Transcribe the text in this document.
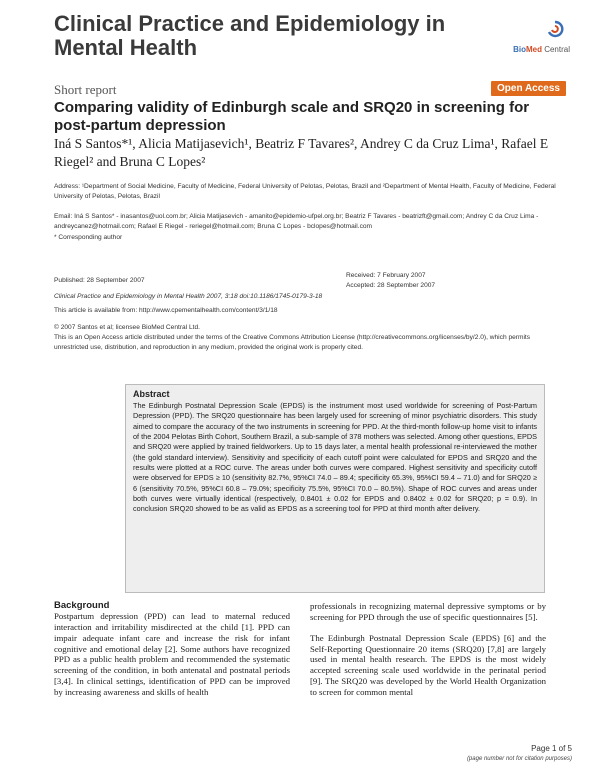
Clinical Practice and Epidemiology in Mental Health	BioMed Central
Short report	Open Access
Comparing validity of Edinburgh scale and SRQ20 in screening for post-partum depression
Iná S Santos*¹, Alicia Matijasevich¹, Beatriz F Tavares², Andrey C da Cruz Lima¹, Rafael E Riegel² and Bruna C Lopes²
Address: ¹Department of Social Medicine, Faculty of Medicine, Federal University of Pelotas, Pelotas, Brazil and ²Department of Mental Health, Faculty of Medicine, Federal University of Pelotas, Pelotas, Brazil
Email: Iná S Santos* - inasantos@uol.com.br; Alicia Matijasevich - amanito@epidemio-ufpel.org.br; Beatriz F Tavares - beatrizft@gmail.com; Andrey C da Cruz Lima - andreycanez@hotmail.com; Rafael E Riegel - reriegel@hotmail.com; Bruna C Lopes - bclopes@hotmail.com
* Corresponding author
Published: 28 September 2007
Clinical Practice and Epidemiology in Mental Health 2007, 3:18 doi:10.1186/1745-0179-3-18
This article is available from: http://www.cpementalhealth.com/content/3/1/18
Received: 7 February 2007
Accepted: 28 September 2007
© 2007 Santos et al; licensee BioMed Central Ltd.
This is an Open Access article distributed under the terms of the Creative Commons Attribution License (http://creativecommons.org/licenses/by/2.0), which permits unrestricted use, distribution, and reproduction in any medium, provided the original work is properly cited.
Abstract

The Edinburgh Postnatal Depression Scale (EPDS) is the instrument most used worldwide for screening of Post-Partum Depression (PPD). The SRQ20 questionnaire has been largely used for screening of minor psychiatric disorders. This study aimed to compare the accuracy of the two instruments in screening for PPD. At the third-month follow-up home visit to infants of the 2004 Pelotas Birth Cohort, Southern Brazil, a sub-sample of 378 mothers was selected. Among other questions, EPDS and SRQ20 were applied by trained fieldworkers. Up to 15 days later, a mental health professional re-interviewed the mother (the gold standard interview). Sensitivity and specificity of each cutoff point were calculated for EPDS and SRQ20 and the results were plotted at a ROC curve. The areas under both curves were compared. Highest sensitivity and specificity cutoff were observed for EPDS ≥ 10 (sensitivity 82.7%, 95%CI 74.0 – 89.4; specificity 65.3%, 95%CI 59.4 – 71.0) and for SRQ20 ≥ 6 (sensitivity 70.5%, 95%CI 60.8 – 79.0%; specificity 75.5%, 95%CI 70.0 – 80.5%). Shape of ROC curves and areas under both curves were virtually identical (respectively, 0.8401 ± 0.02 for EPDS and 0.8402 ± 0.02 for SRQ20; p = 0.9). In conclusion SRQ20 showed to be as valid as EPDS as a screening tool for PPD at third month after delivery.

Background

Postpartum depression (PPD) can lead to maternal reduced interaction and irritability misdirected at the child [1]. PPD can impair adequate infant care and increase the risk for infant cognitive and emotional delay [2]. Some authors have recognized PPD as a public health problem and recommended the systematic screening of the condition, in both antenatal and postnatal periods [3,4]. In clinical settings, identification of PPD can be improved by increasing awareness and skills of health

professionals in recognizing maternal depressive symptoms or by screening for PPD through the use of specific questionnaires [5].

The Edinburgh Postnatal Depression Scale (EPDS) [6] and the Self-Reporting Questionnaire 20 items (SRQ20) [7,8] are largely used in mental health research. The EPDS is the most widely accepted screening scale used worldwide in the perinatal period [9]. The SRQ20 was developed by the World Health Organization to screen for common mental

Page 1 of 5
(page number not for citation purposes)
